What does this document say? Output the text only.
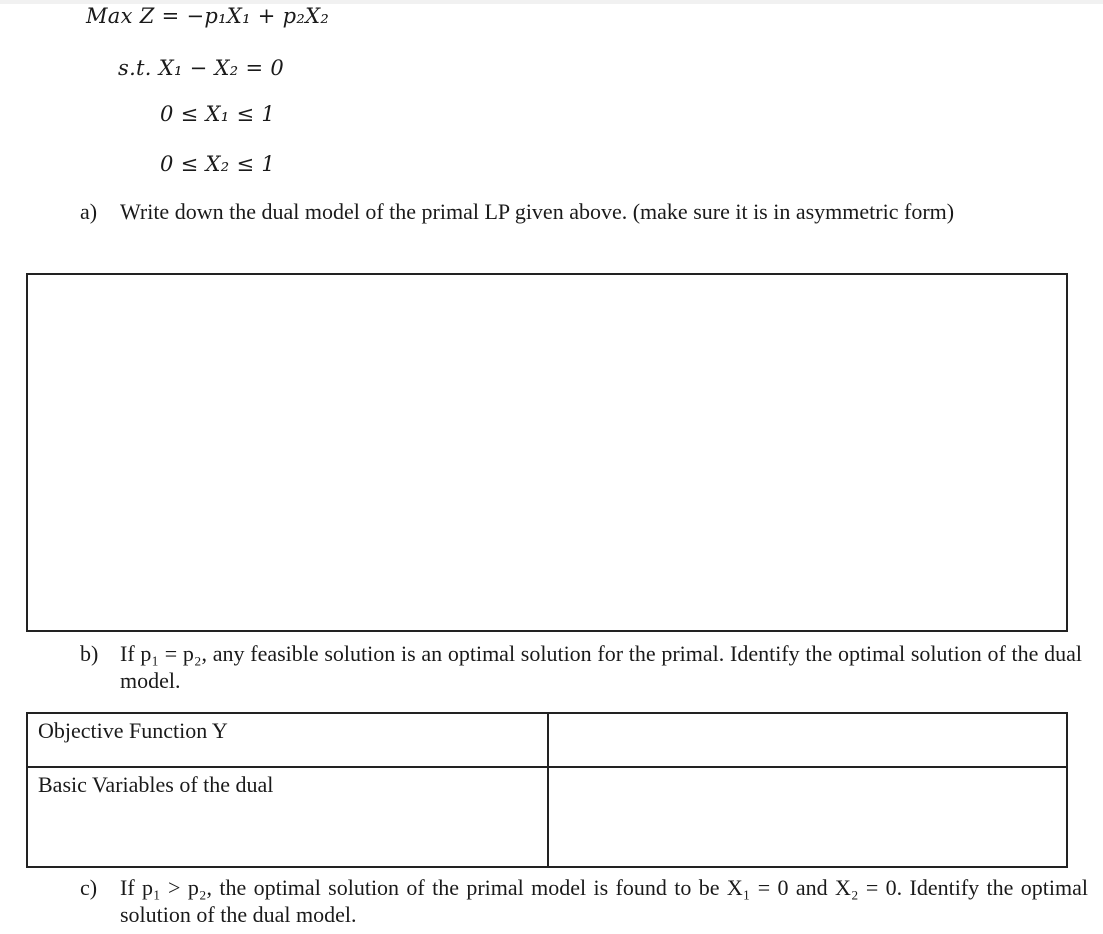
Max Z = −p₁X₁ + p₂X₂
s.t. X₁ − X₂ = 0
0 ≤ X₁ ≤ 1
0 ≤ X₂ ≤ 1
a) Write down the dual model of the primal LP given above. (make sure it is in asymmetric form)
b) If p₁ = p₂, any feasible solution is an optimal solution for the primal. Identify the optimal solution of the dual model.
Objective Function Y	
Basic Variables of the dual	
c) If p₁ > p₂, the optimal solution of the primal model is found to be X₁ = 0 and X₂ = 0. Identify the optimal solution of the dual model.
